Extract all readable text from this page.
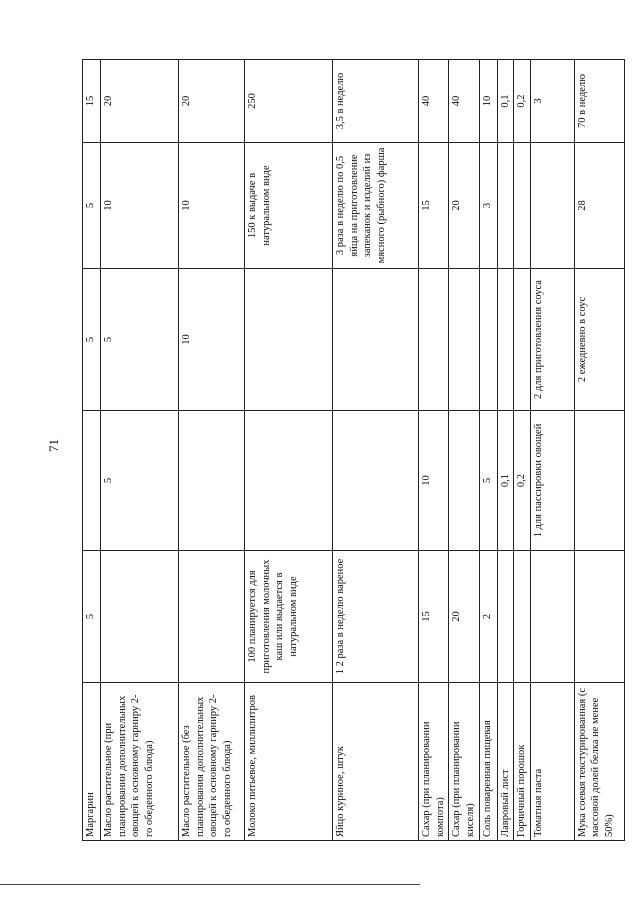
71
Маргарин	5		5	5	15
Масло растительное (при планировании дополнительных овощей к основному гарниру 2-го обеденного блюда)		5	5	10	20
Масло растительное (без планирования дополнительных овощей к основному гарниру 2-го обеденного блюда)			10	10	20
Молоко питьевое, миллилитров	100 планируется для приготовления молочных каш или выдается в натуральном виде			150 к выдаче в натуральном виде	250
Яйцо куриное, штук	1 2 раза в неделю вареное			3 раза в неделю по 0,5 яйца на приготовление запеканок и изделий из мясного (рыбного) фарша	3,5 в неделю
Сахар (при планировании компота)	15	10		15	40
Сахар (при планировании киселя)	20			20	40
Соль поваренная пищевая	2	5		3	10
Лавровый лист		0,1			0,1
Горчичный порошок		0,2			0,2
Томатная паста		1 для пассировки овощей	2 для приготовления соуса		3
Мука соевая текстурированная (с массовой долей белка не менее 50%)			2 ежедневно в соус	28	70 в неделю
